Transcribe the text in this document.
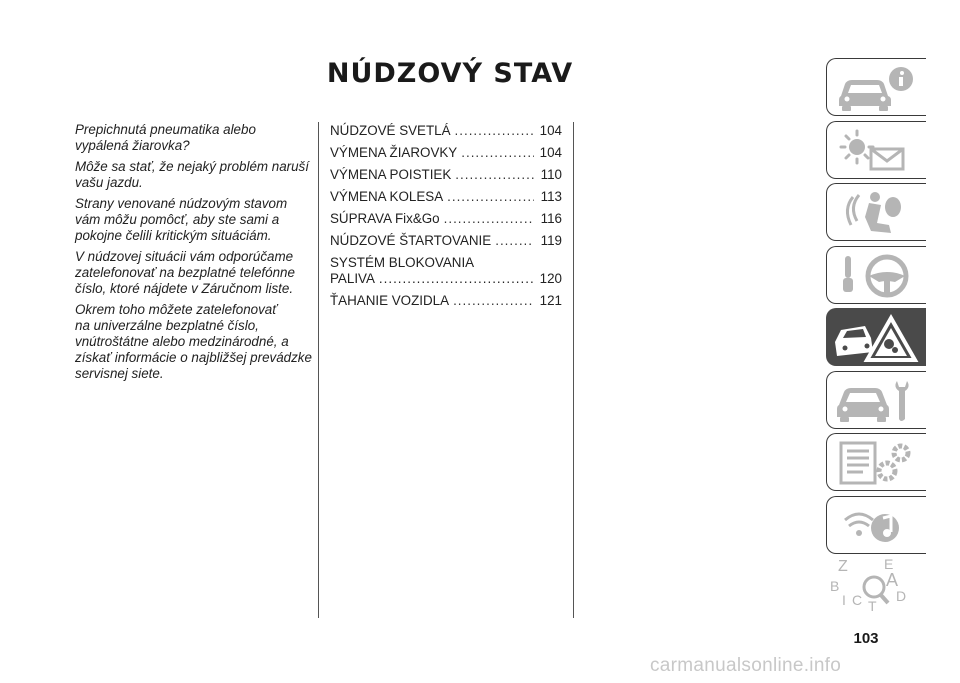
NÚDZOVÝ STAV

Prepichnutá pneumatika alebo
vypálená žiarovka?

Môže sa stať, že nejaký problém naruší
vašu jazdu.

Strany venované núdzovým stavom
vám môžu pomôcť, aby ste sami a
pokojne čelili kritickým situáciám.

V núdzovej situácii vám odporúčame
zatelefonovať na bezplatné telefónne
číslo, ktoré nájdete v Záručnom liste.

Okrem toho môžete zatelefonovať
na univerzálne bezplatné číslo,
vnútroštátne alebo medzinárodné, a
získať informácie o najbližšej prevádzke
servisnej siete.

NÚDZOVÉ SVETLÁ .....	104
VÝMENA ŽIAROVKY .....	104
VÝMENA POISTIEK .....	110
VÝMENA KOLESA .....	113
SÚPRAVA Fix&Go .....	116
NÚDZOVÉ ŠTARTOVANIE .....	119
SYSTÉM BLOKOVANIA
PALIVA .....	120
ŤAHANIE VOZIDLA .....	121
Z	E
B	A
I C D
T
103
carmanualsonline.info
